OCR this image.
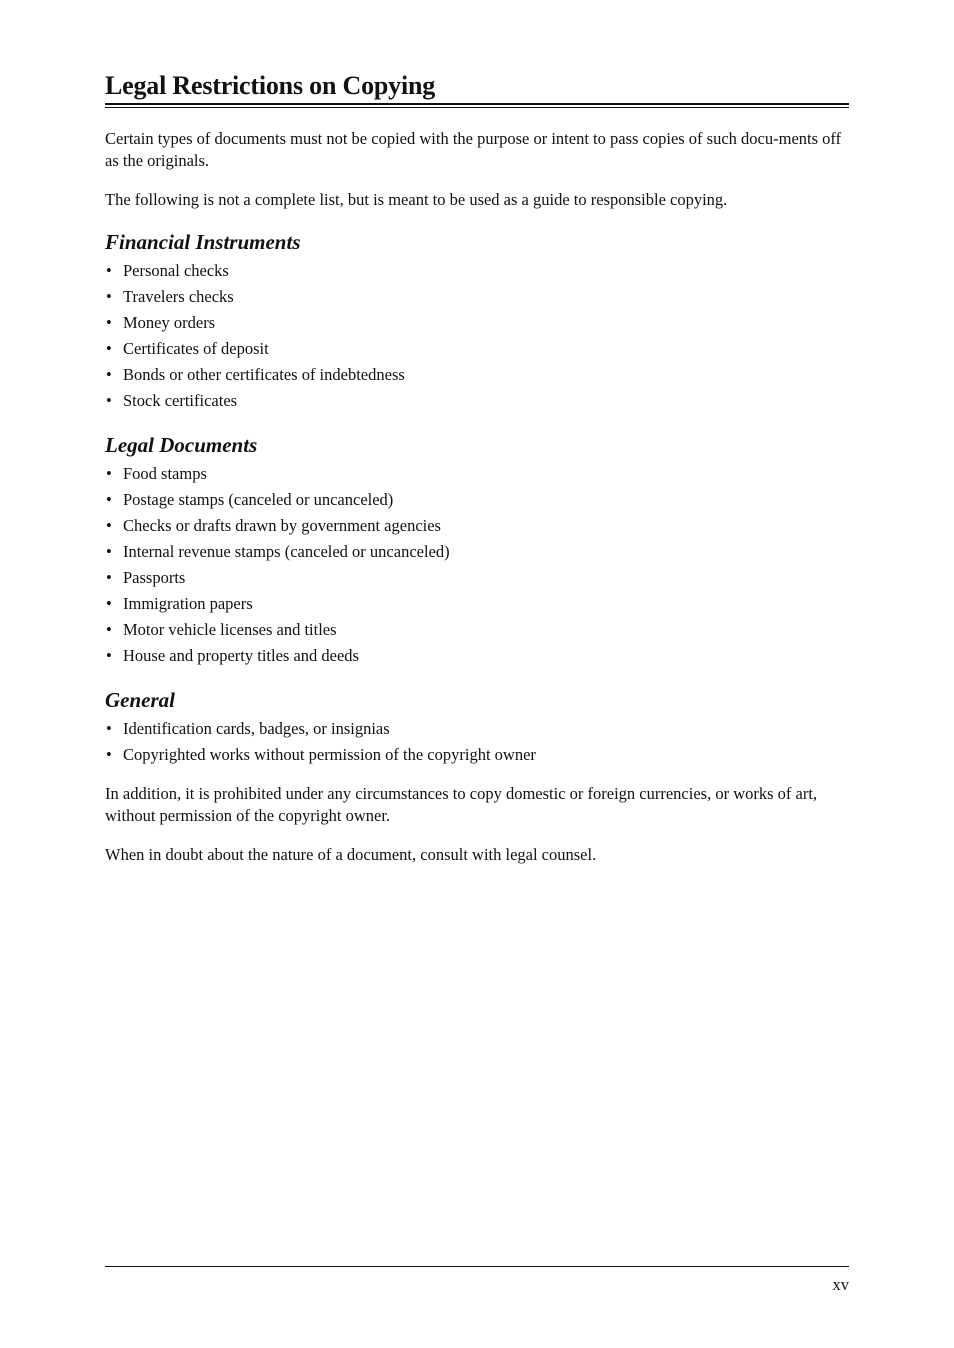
Legal Restrictions on Copying

Certain types of documents must not be copied with the purpose or intent to pass copies of such docu-ments off as the originals.

The following is not a complete list, but is meant to be used as a guide to responsible copying.

Financial Instruments
• Personal checks
• Travelers checks
• Money orders
• Certificates of deposit
• Bonds or other certificates of indebtedness
• Stock certificates
Legal Documents
• Food stamps
• Postage stamps (canceled or uncanceled)
• Checks or drafts drawn by government agencies
• Internal revenue stamps (canceled or uncanceled)
• Passports
• Immigration papers
• Motor vehicle licenses and titles
• House and property titles and deeds
General
• Identification cards, badges, or insignias
• Copyrighted works without permission of the copyright owner

In addition, it is prohibited under any circumstances to copy domestic or foreign currencies, or works of art, without permission of the copyright owner.

When in doubt about the nature of a document, consult with legal counsel.

xv
